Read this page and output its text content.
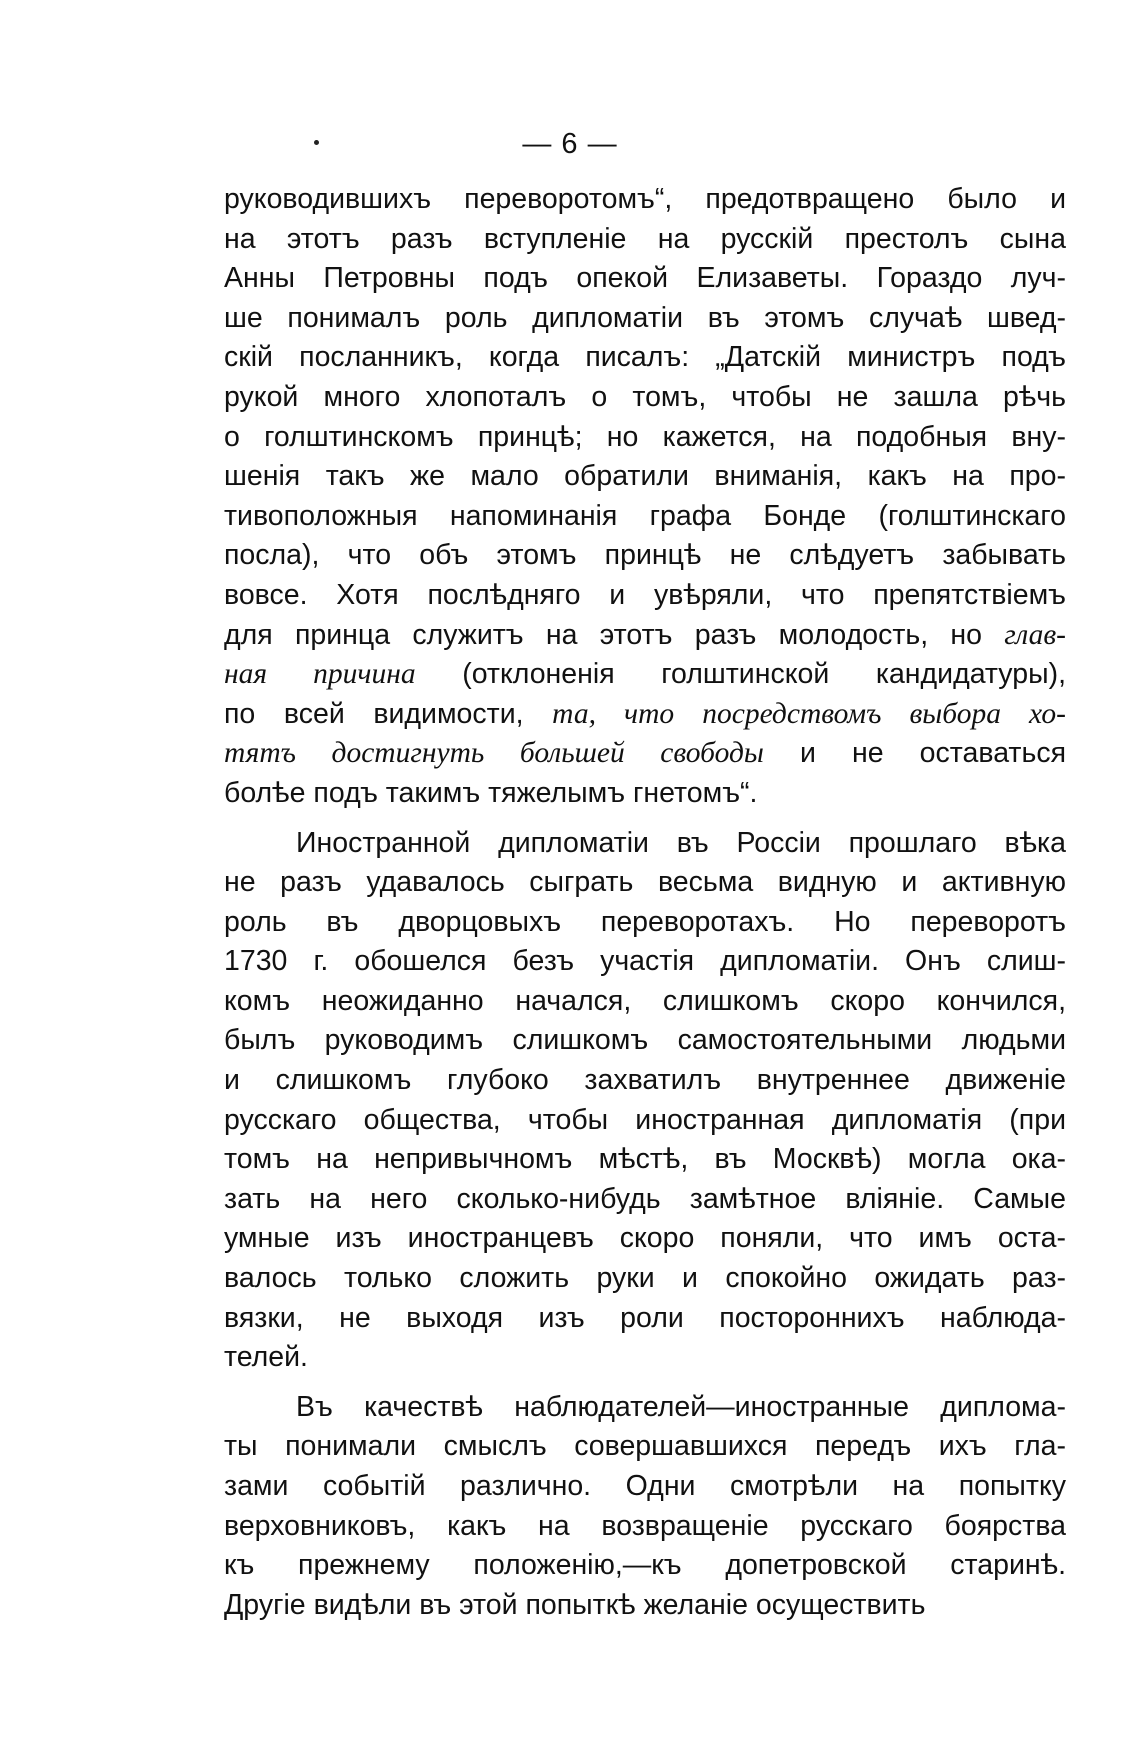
— 6 —
руководившихъ переворотомъ“, предотвращено было и
на этотъ разъ вступленіе на русскій престолъ сына
Анны Петровны подъ опекой Елизаветы. Гораздо луч-
ше понималъ роль дипломатіи въ этомъ случаѣ швед-
скій посланникъ, когда писалъ: „Датскій министръ подъ
рукой много хлопоталъ о томъ, чтобы не зашла рѣчь
о голштинскомъ принцѣ; но кажется, на подобныя вну-
шенія такъ же мало обратили вниманія, какъ на про-
тивоположныя напоминанія графа Бонде (голштинскаго
посла), что объ этомъ принцѣ не слѣдуетъ забывать
вовсе. Хотя послѣдняго и увѣряли, что препятствіемъ
для принца служитъ на этотъ разъ молодость, но глав-
ная причина (отклоненія голштинской кандидатуры),
по всей видимости, та, что посредствомъ выбора хо-
тятъ достигнуть большей свободы и не оставаться
болѣе подъ такимъ тяжелымъ гнетомъ“.
Иностранной дипломатіи въ Россіи прошлаго вѣка
не разъ удавалось сыграть весьма видную и активную
роль въ дворцовыхъ переворотахъ. Но переворотъ
1730 г. обошелся безъ участія дипломатіи. Онъ слиш-
комъ неожиданно начался, слишкомъ скоро кончился,
былъ руководимъ слишкомъ самостоятельными людьми
и слишкомъ глубоко захватилъ внутреннее движеніе
русскаго общества, чтобы иностранная дипломатія (при
томъ на непривычномъ мѣстѣ, въ Москвѣ) могла ока-
зать на него сколько-нибудь замѣтное вліяніе. Самые
умные изъ иностранцевъ скоро поняли, что имъ оста-
валось только сложить руки и спокойно ожидать раз-
вязки, не выходя изъ роли постороннихъ наблюда-
телей.
Въ качествѣ наблюдателей—иностранные диплома-
ты понимали смыслъ совершавшихся передъ ихъ гла-
зами событій различно. Одни смотрѣли на попытку
верховниковъ, какъ на возвращеніе русскаго боярства
къ прежнему положенію,—къ допетровской старинѣ.
Другіе видѣли въ этой попыткѣ желаніе осуществить
